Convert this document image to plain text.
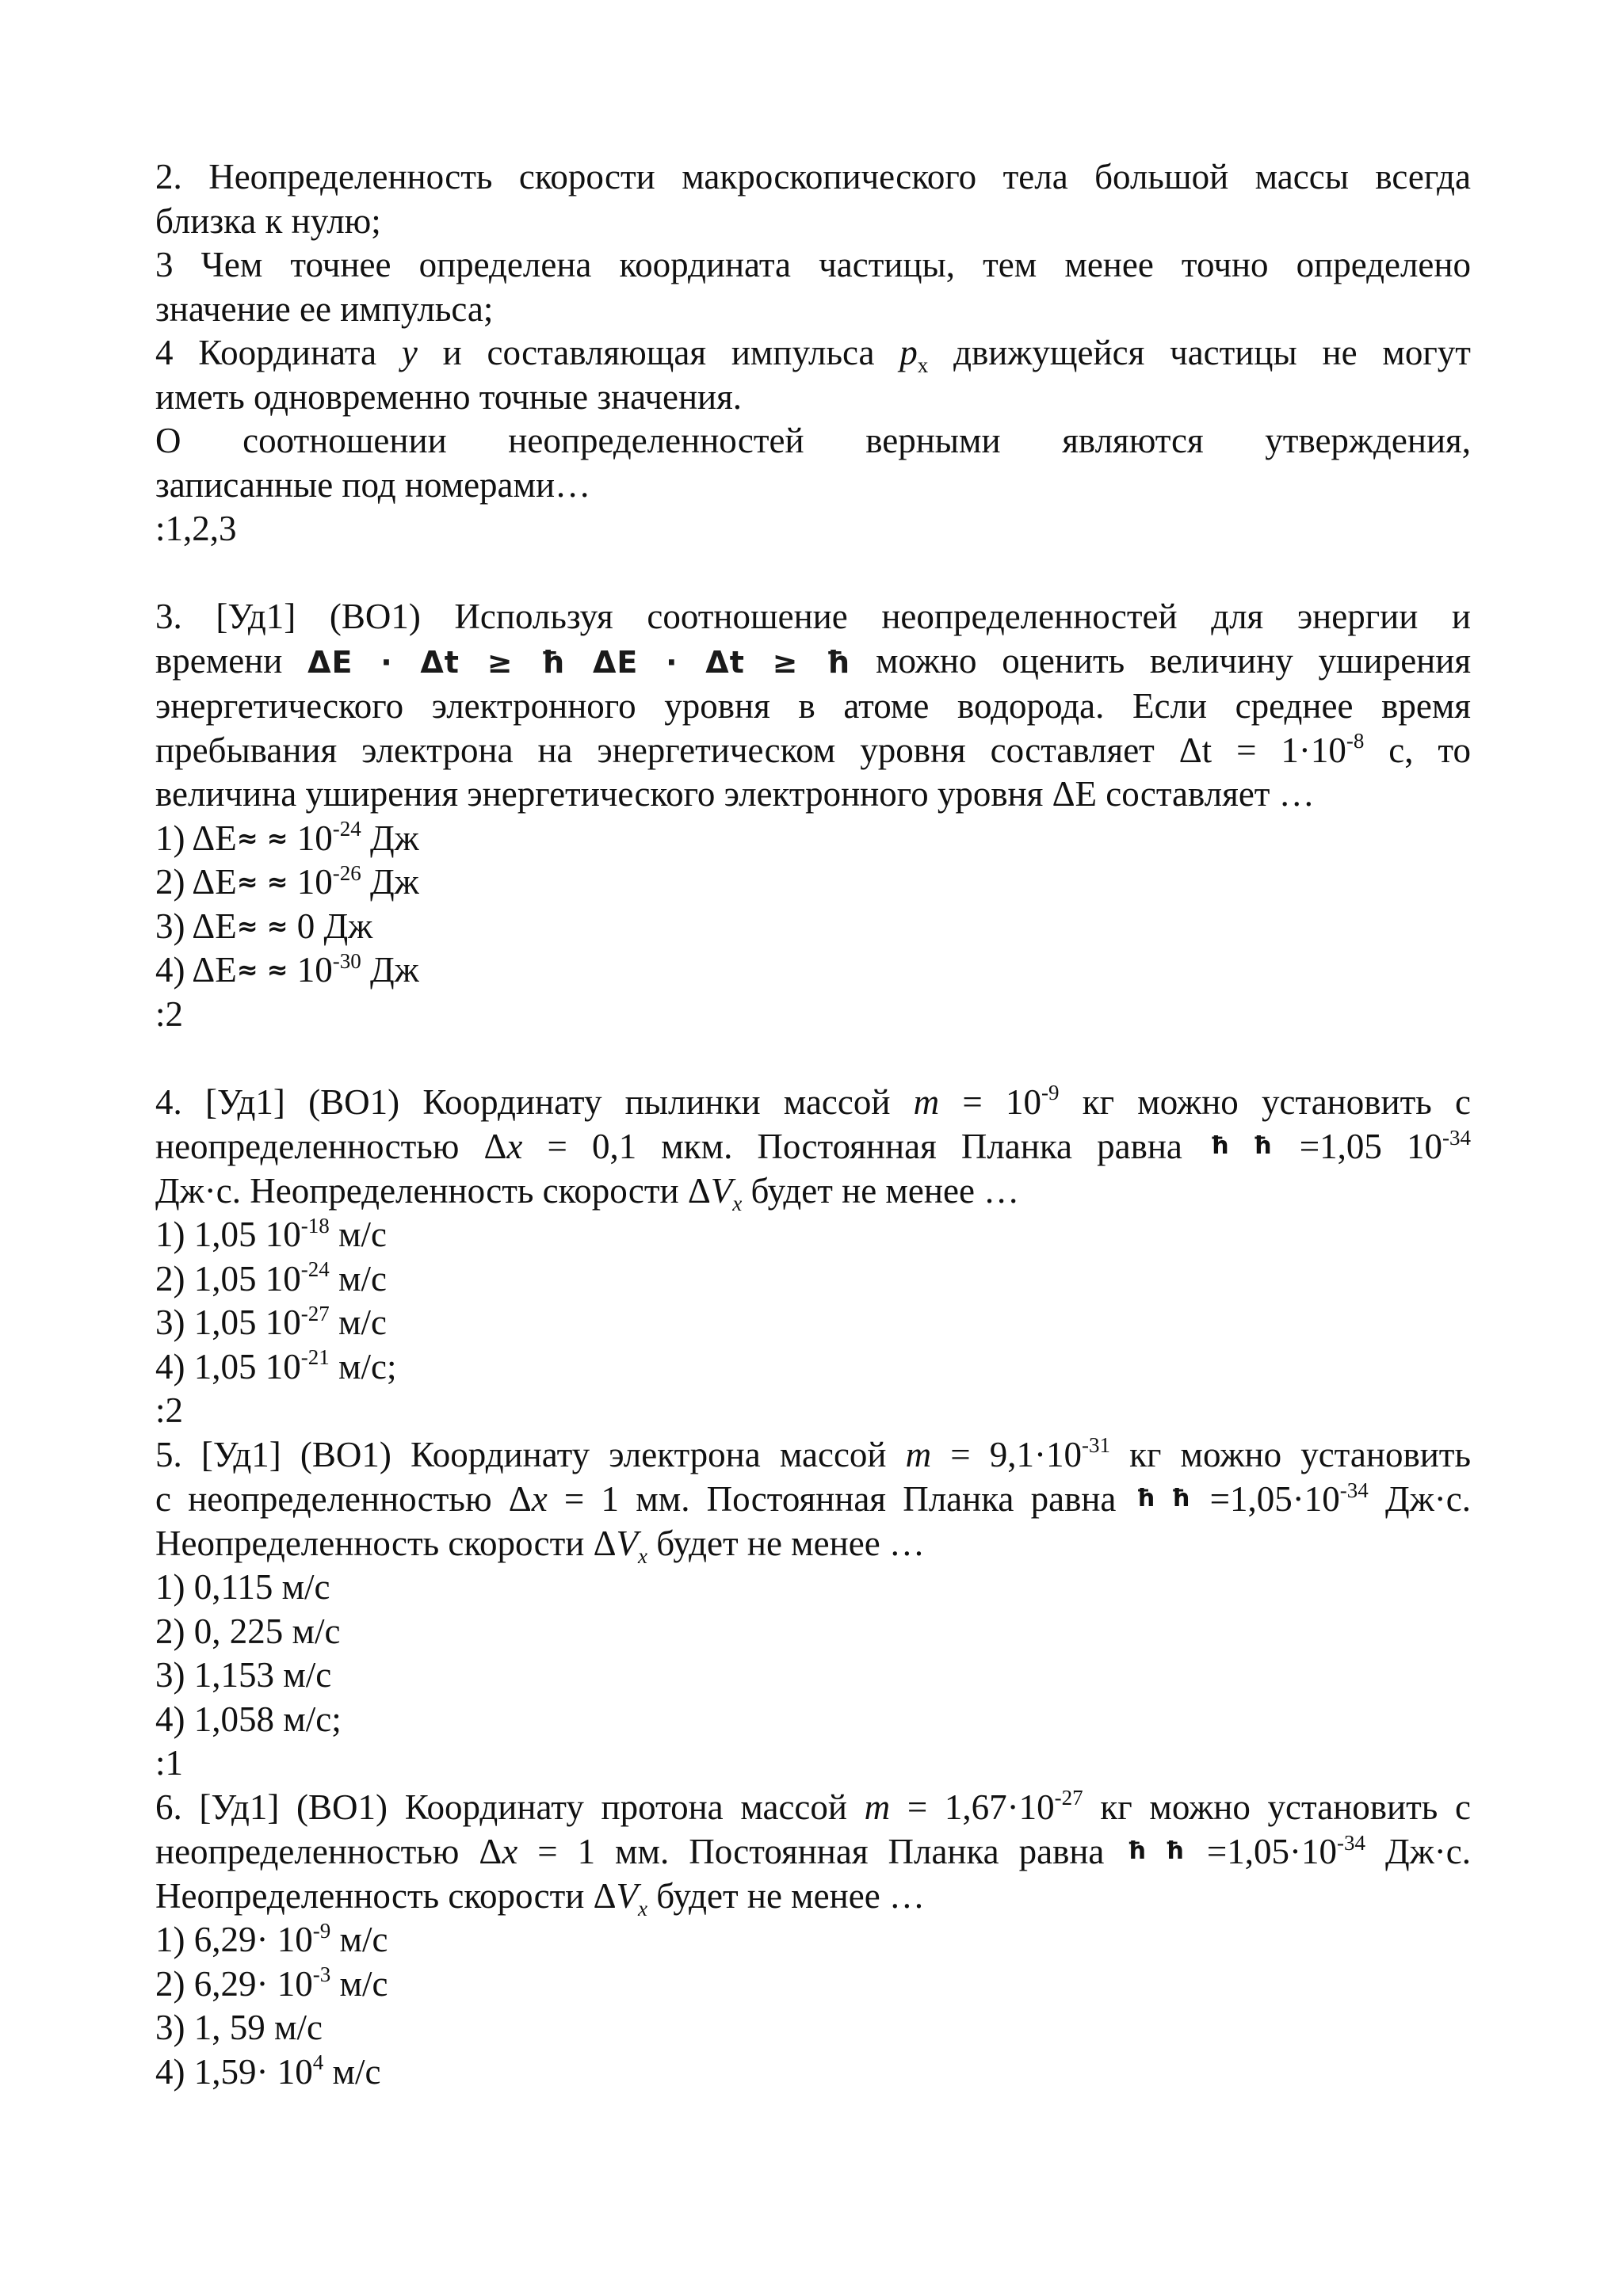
2. Неопределенность скорости макроскопического тела большой массы всегда
близка к нулю;
3 Чем точнее определена координата частицы, тем менее точно определено
значение ее импульса;
4 Координата y и составляющая импульса $p_x$ движущейся частицы не могут
иметь одновременно точные значения.
О соотношении неопределенностей верными являются утверждения,
записанные под номерами…
:1,2,3
3. [Уд1] (ВО1) Используя соотношение неопределенностей для энергии и
времени ΔE · Δt ≥ ħ ΔE · Δt ≥ ħ можно оценить величину уширения
энергетического электронного уровня в атоме водорода. Если среднее время
пребывания электрона на энергетическом уровня составляет $\Delta t = 1\cdot 10^{-8}$ с, то
величина уширения энергетического электронного уровня ΔE составляет …
1) $\Delta E\approx \approx 10^{-24}$ Дж
2) $\Delta E\approx \approx 10^{-26}$ Дж
3) ΔE≈ ≈ 0 Дж
4) $\Delta E\approx \approx 10^{-30}$ Дж
:2
4. [Уд1] (ВО1) Координату пылинки массой $m = 10^{-9}$ кг можно установить с
неопределенностью Δx = 0,1 мкм. Постоянная Планка равна ħ ħ =1,05 $10^{-34}$
Дж·с. Неопределенность скорости $\Delta V_x$ будет не менее …
1) 1,05 $10^{-18}$ м/с
2) 1,05 $10^{-24}$ м/с
3) 1,05 $10^{-27}$ м/с
4) 1,05 $10^{-21}$ м/с;
:2
5. [Уд1] (ВО1) Координату электрона массой $m = 9,1\cdot 10^{-31}$ кг можно установить
с неопределенностью Δx = 1 мм. Постоянная Планка равна ħ ħ $=1,05\cdot 10^{-34}$ Дж·с.
Неопределенность скорости $\Delta V_x$ будет не менее …
1) 0,115 м/с
2) 0, 225 м/с
3) 1,153 м/с
4) 1,058 м/с;
:1
6. [Уд1] (ВО1) Координату протона массой $m = 1,67\cdot 10^{-27}$ кг можно установить с
неопределенностью Δx = 1 мм. Постоянная Планка равна ħ ħ $=1,05\cdot 10^{-34}$ Дж·с.
Неопределенность скорости $\Delta V_x$ будет не менее …
1) $6,29\cdot 10^{-9}$ м/с
2) $6,29\cdot 10^{-3}$ м/с
3) 1, 59 м/с
4) $1,59\cdot 10^4$ м/с
